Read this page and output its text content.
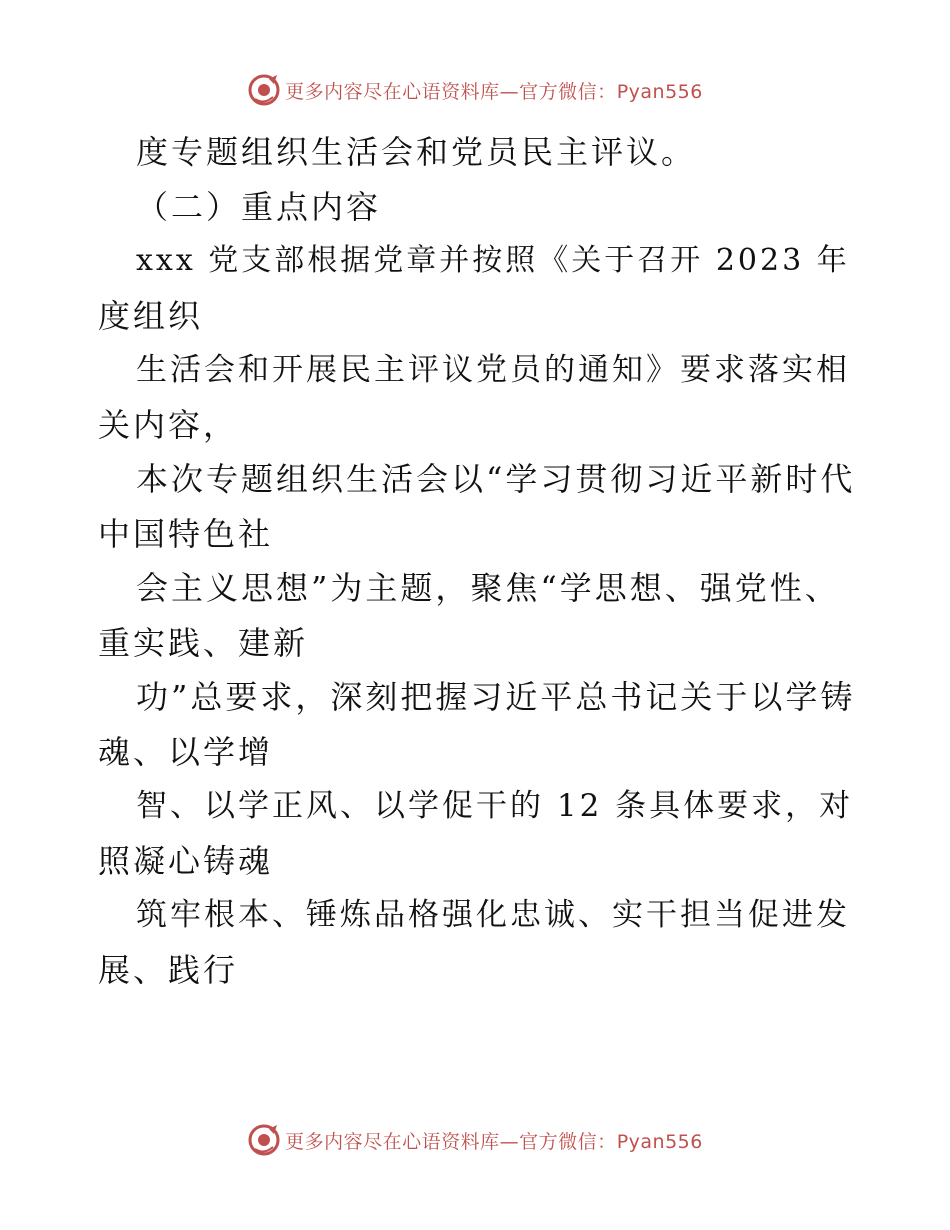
更多内容尽在心语资料库—官方微信：Pyan556
度专题组织生活会和党员民主评议。
（二）重点内容
xxx 党支部根据党章并按照《关于召开 2023 年
度组织
生活会和开展民主评议党员的通知》要求落实相
关内容，
本次专题组织生活会以“学习贯彻习近平新时代
中国特色社
会主义思想”为主题，聚焦“学思想、强党性、
重实践、建新
功”总要求，深刻把握习近平总书记关于以学铸
魂、以学增
智、以学正风、以学促干的 12 条具体要求，对
照凝心铸魂
筑牢根本、锤炼品格强化忠诚、实干担当促进发
展、践行
更多内容尽在心语资料库—官方微信：Pyan556
